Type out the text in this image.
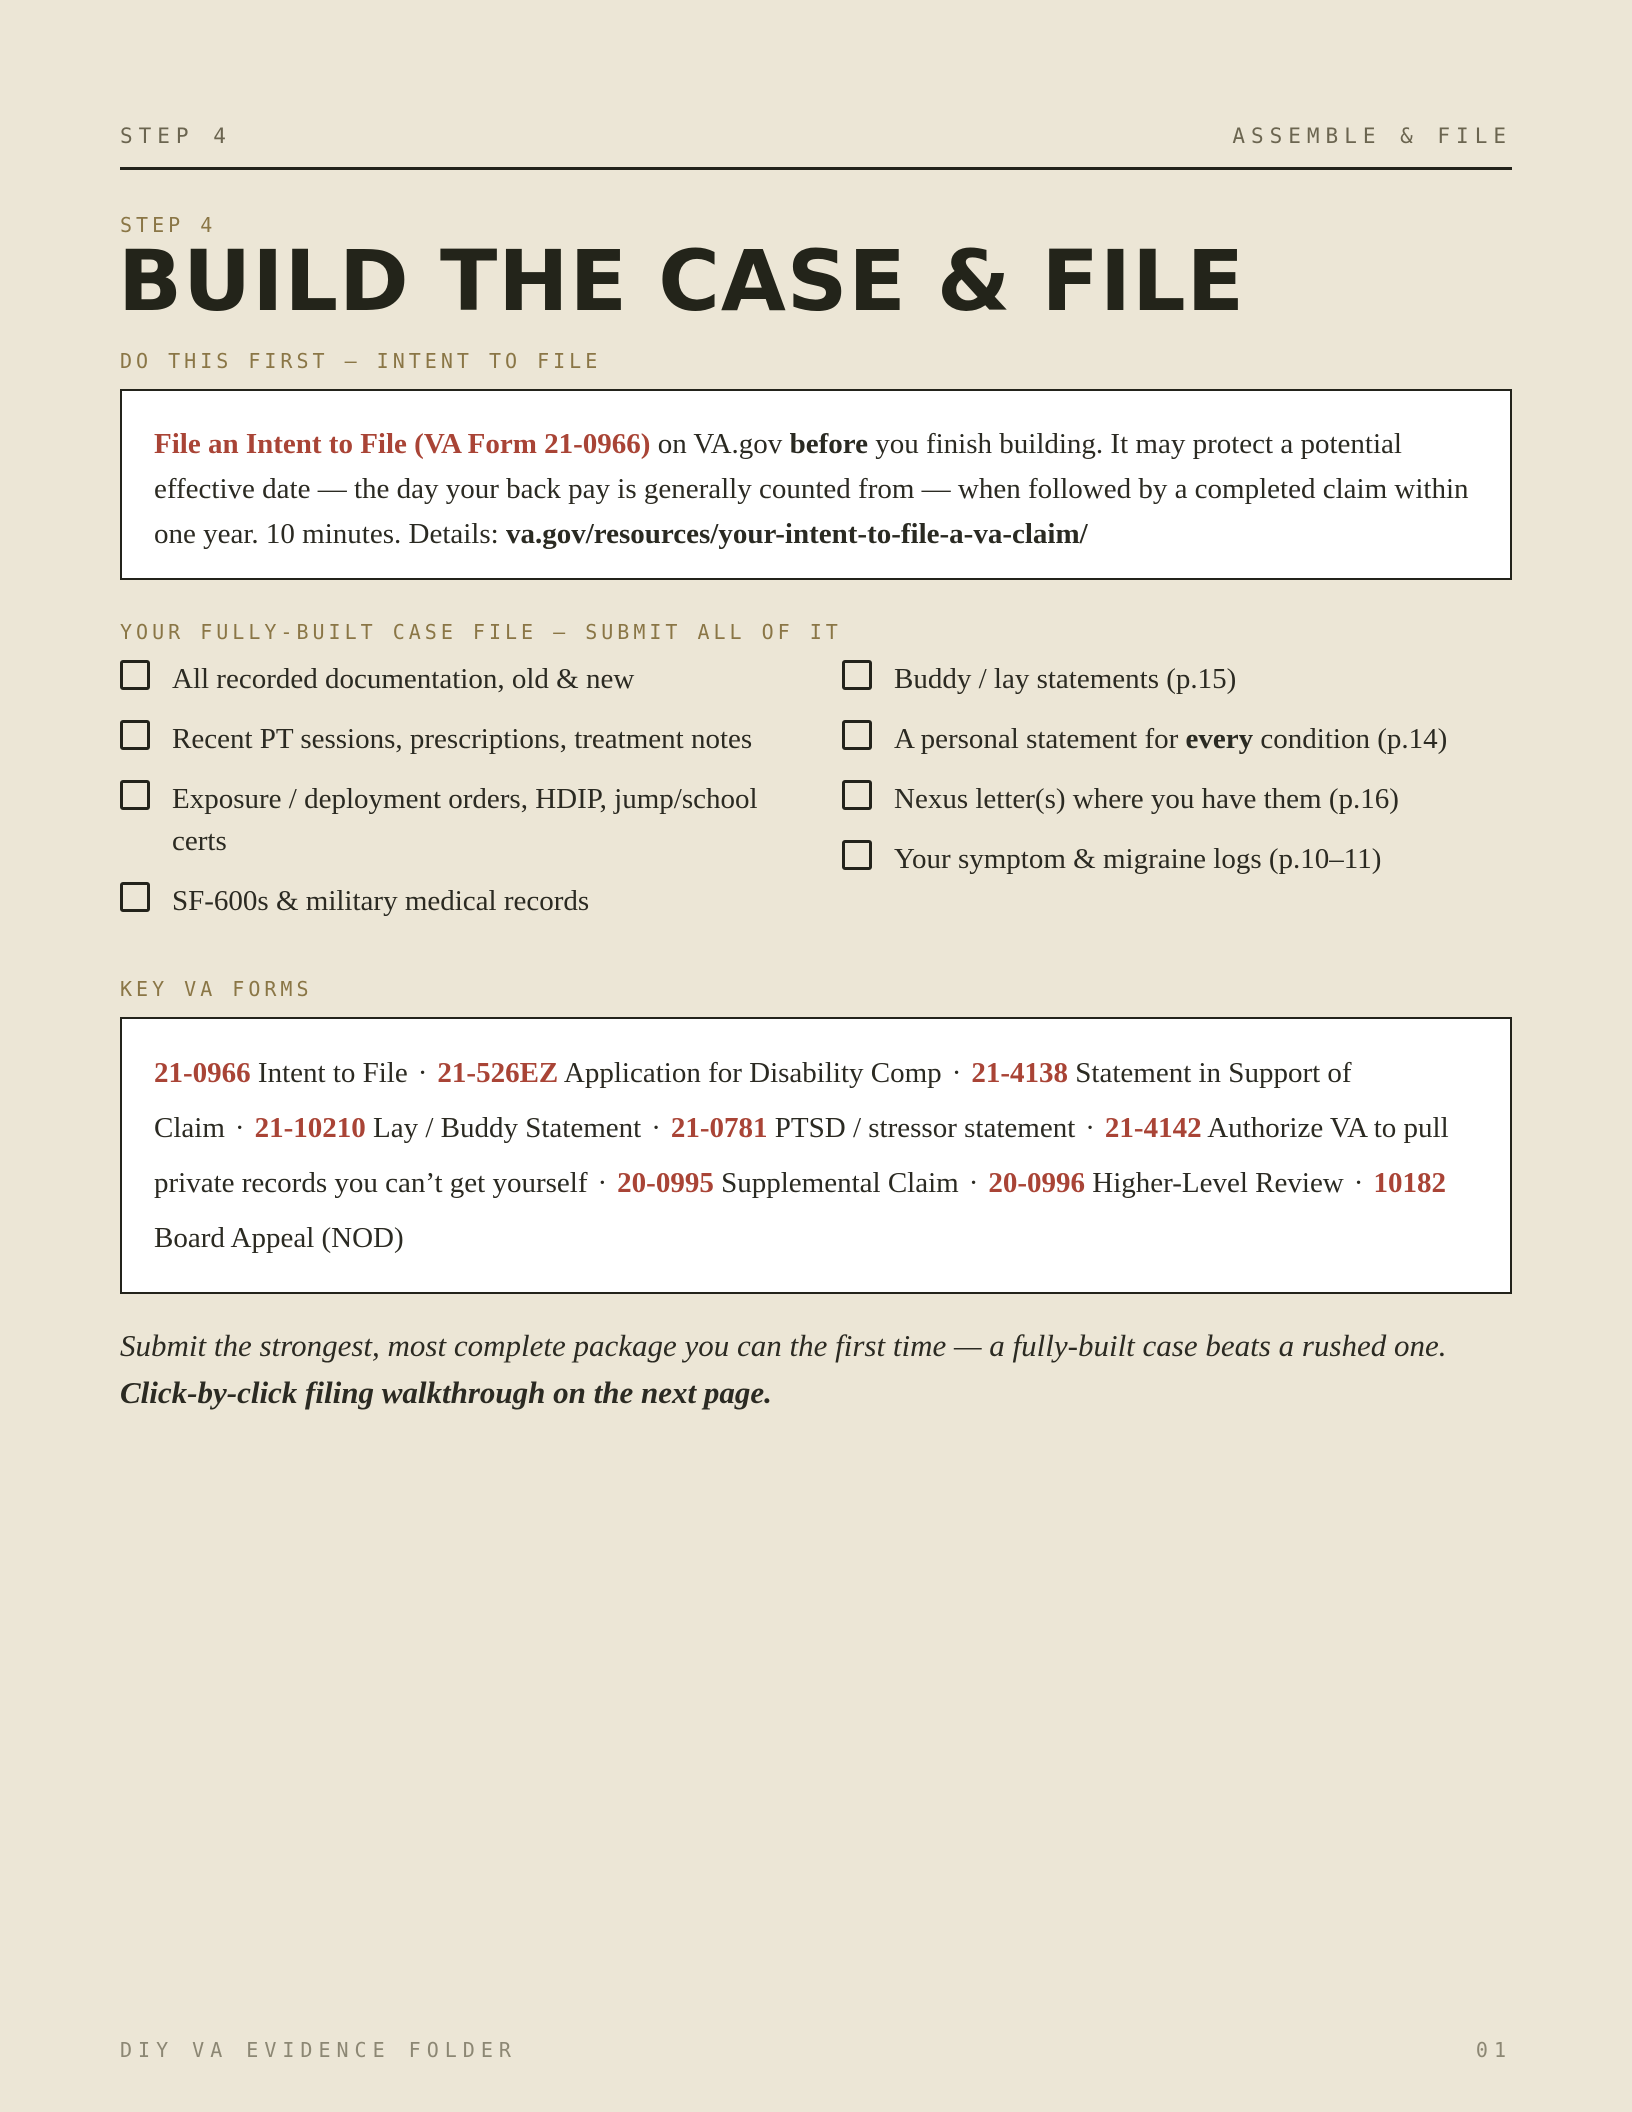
STEP 4	ASSEMBLE & FILE
STEP 4
BUILD THE CASE & FILE
DO THIS FIRST — INTENT TO FILE
File an Intent to File (VA Form 21-0966) on VA.gov before you finish building. It may protect a potential effective date — the day your back pay is generally counted from — when followed by a completed claim within one year. 10 minutes. Details: va.gov/resources/your-intent-to-file-a-va-claim/
YOUR FULLY-BUILT CASE FILE — SUBMIT ALL OF IT
All recorded documentation, old & new
Recent PT sessions, prescriptions, treatment notes
Exposure / deployment orders, HDIP, jump/school certs
SF-600s & military medical records
Buddy / lay statements (p.15)
A personal statement for every condition (p.14)
Nexus letter(s) where you have them (p.16)
Your symptom & migraine logs (p.10–11)
KEY VA FORMS
21-0966 Intent to File · 21-526EZ Application for Disability Comp · 21-4138 Statement in Support of Claim · 21-10210 Lay / Buddy Statement · 21-0781 PTSD / stressor statement · 21-4142 Authorize VA to pull private records you can’t get yourself · 20-0995 Supplemental Claim · 20-0996 Higher-Level Review · 10182 Board Appeal (NOD)
Submit the strongest, most complete package you can the first time — a fully-built case beats a rushed one.
Click-by-click filing walkthrough on the next page.
DIY VA EVIDENCE FOLDER	01
